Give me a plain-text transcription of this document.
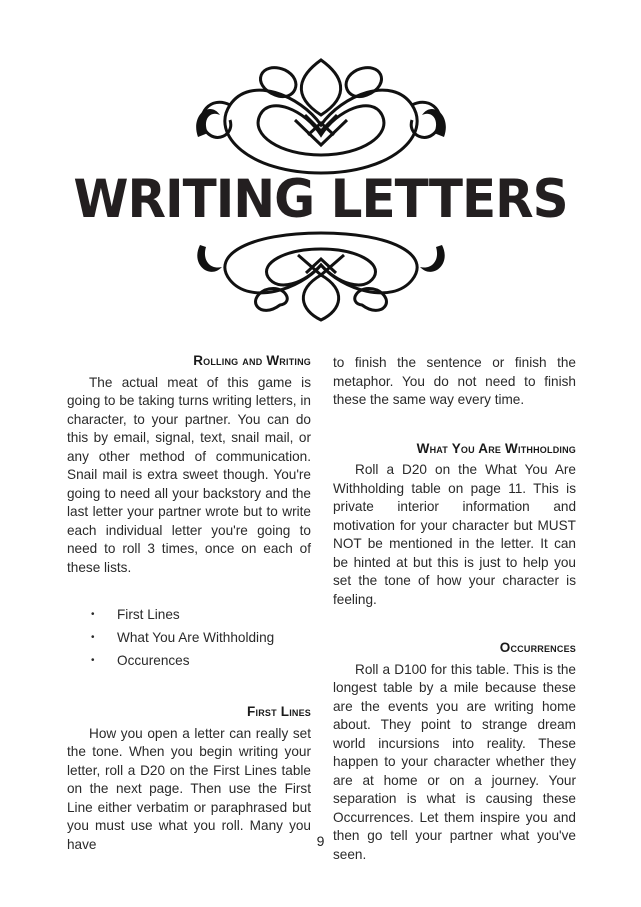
WRITING LETTERS
Rolling and Writing

The actual meat of this game is going to be taking turns writing letters, in character, to your partner. You can do this by email, signal, text, snail mail, or any other method of communication. Snail mail is extra sweet though. You're going to need all your backstory and the last letter your partner wrote but to write each individual letter you're going to need to roll 3 times, once on each of these lists.

• First Lines
• What You Are Withholding
• Occurences
First Lines

How you open a letter can really set the tone. When you begin writing your letter, roll a D20 on the First Lines table on the next page. Then use the First Line either verbatim or paraphrased but you must use what you roll. Many you have

to finish the sentence or finish the metaphor. You do not need to finish these the same way every time.

What You Are Withholding

Roll a D20 on the What You Are Withholding table on page 11. This is private interior information and motivation for your character but MUST NOT be mentioned in the letter. It can be hinted at but this is just to help you set the tone of how your character is feeling.

Occurrences

Roll a D100 for this table. This is the longest table by a mile because these are the events you are writing home about. They point to strange dream world incursions into reality. These happen to your character whether they are at home or on a journey. Your separation is what is causing these Occurrences. Let them inspire you and then go tell your partner what you've seen.

9
